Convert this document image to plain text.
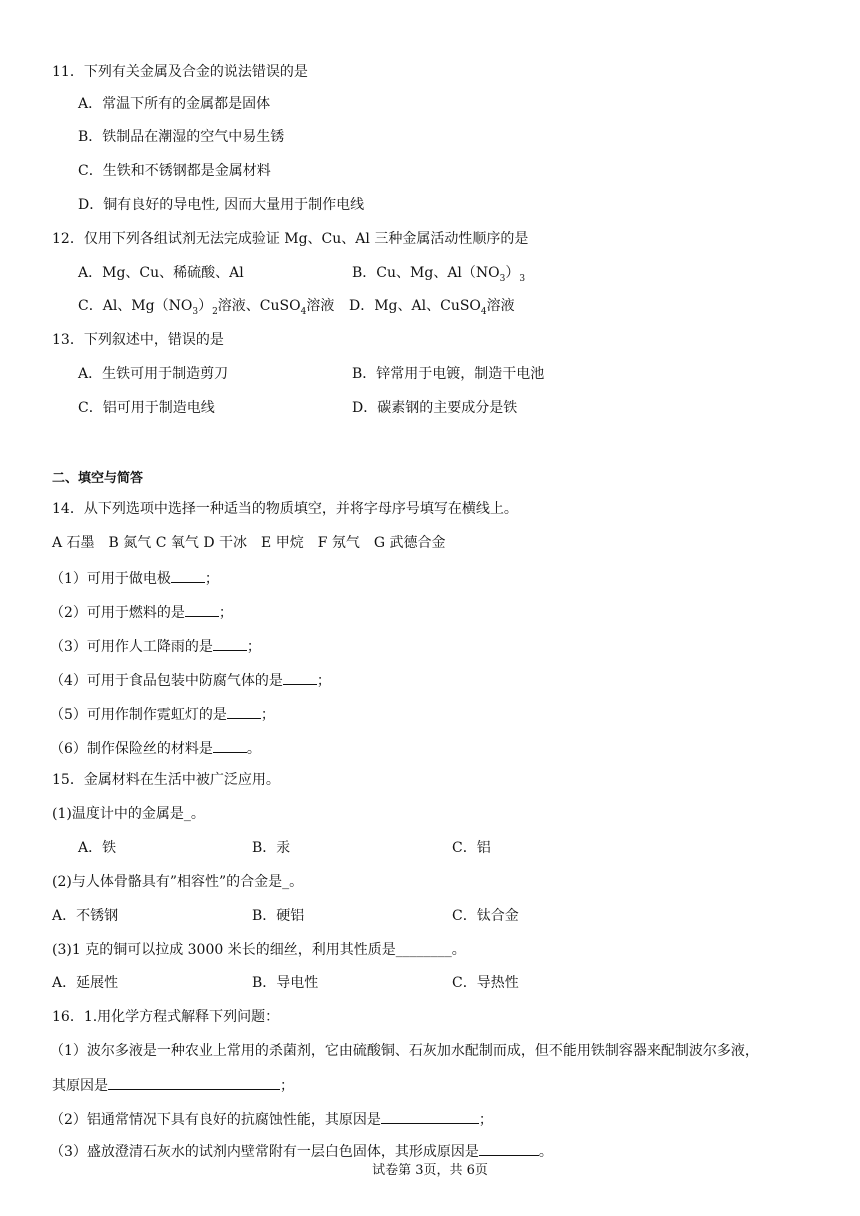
11．下列有关金属及合金的说法错误的是
A．常温下所有的金属都是固体
B．铁制品在潮湿的空气中易生锈
C．生铁和不锈钢都是金属材料
D．铜有良好的导电性, 因而大量用于制作电线
12．仅用下列各组试剂无法完成验证 Mg、Cu、Al 三种金属活动性顺序的是
A．Mg、Cu、稀硫酸、Al	B．Cu、Mg、$Al(NO_3)_3$
C．Al、$Mg(NO_3)_2$溶液、CuSO$_4$溶液 D．Mg、Al、CuSO$_4$溶液
13．下列叙述中，错误的是
A．生铁可用于制造剪刀	B．锌常用于电镀，制造干电池
C．铝可用于制造电线	D．碳素钢的主要成分是铁
二、填空与简答
14．从下列选项中选择一种适当的物质填空，并将字母序号填写在横线上。
A 石墨　B 氮气 C 氧气 D 干冰　E 甲烷　F 氖气　G 武德合金
（1）可用于做电极 ；
（2）可用于燃料的是 ；
（3）可用作人工降雨的是 ；
（4）可用于食品包装中防腐气体的是 ；
（5）可用作制作霓虹灯的是 ；
（6）制作保险丝的材料是 。
15．金属材料在生活中被广泛应用。
(1)温度计中的金属是_。
A．铁	B．汞	C．铝
(2)与人体骨骼具有”相容性”的合金是_。
A．不锈钢	B．硬铝	C．钛合金
(3)1 克的铜可以拉成 3000 米长的细丝，利用其性质是________。
A．延展性	B．导电性	C．导热性
16．1.用化学方程式解释下列问题：
（1）波尔多液是一种农业上常用的杀菌剂，它由硫酸铜、石灰加水配制而成，但不能用铁制容器来配制波尔多液，
其原因是	；
（2）铝通常情况下具有良好的抗腐蚀性能，其原因是	；
（3）盛放澄清石灰水的试剂内壁常附有一层白色固体，其形成原因是	。
试卷第 3页，共 6页
